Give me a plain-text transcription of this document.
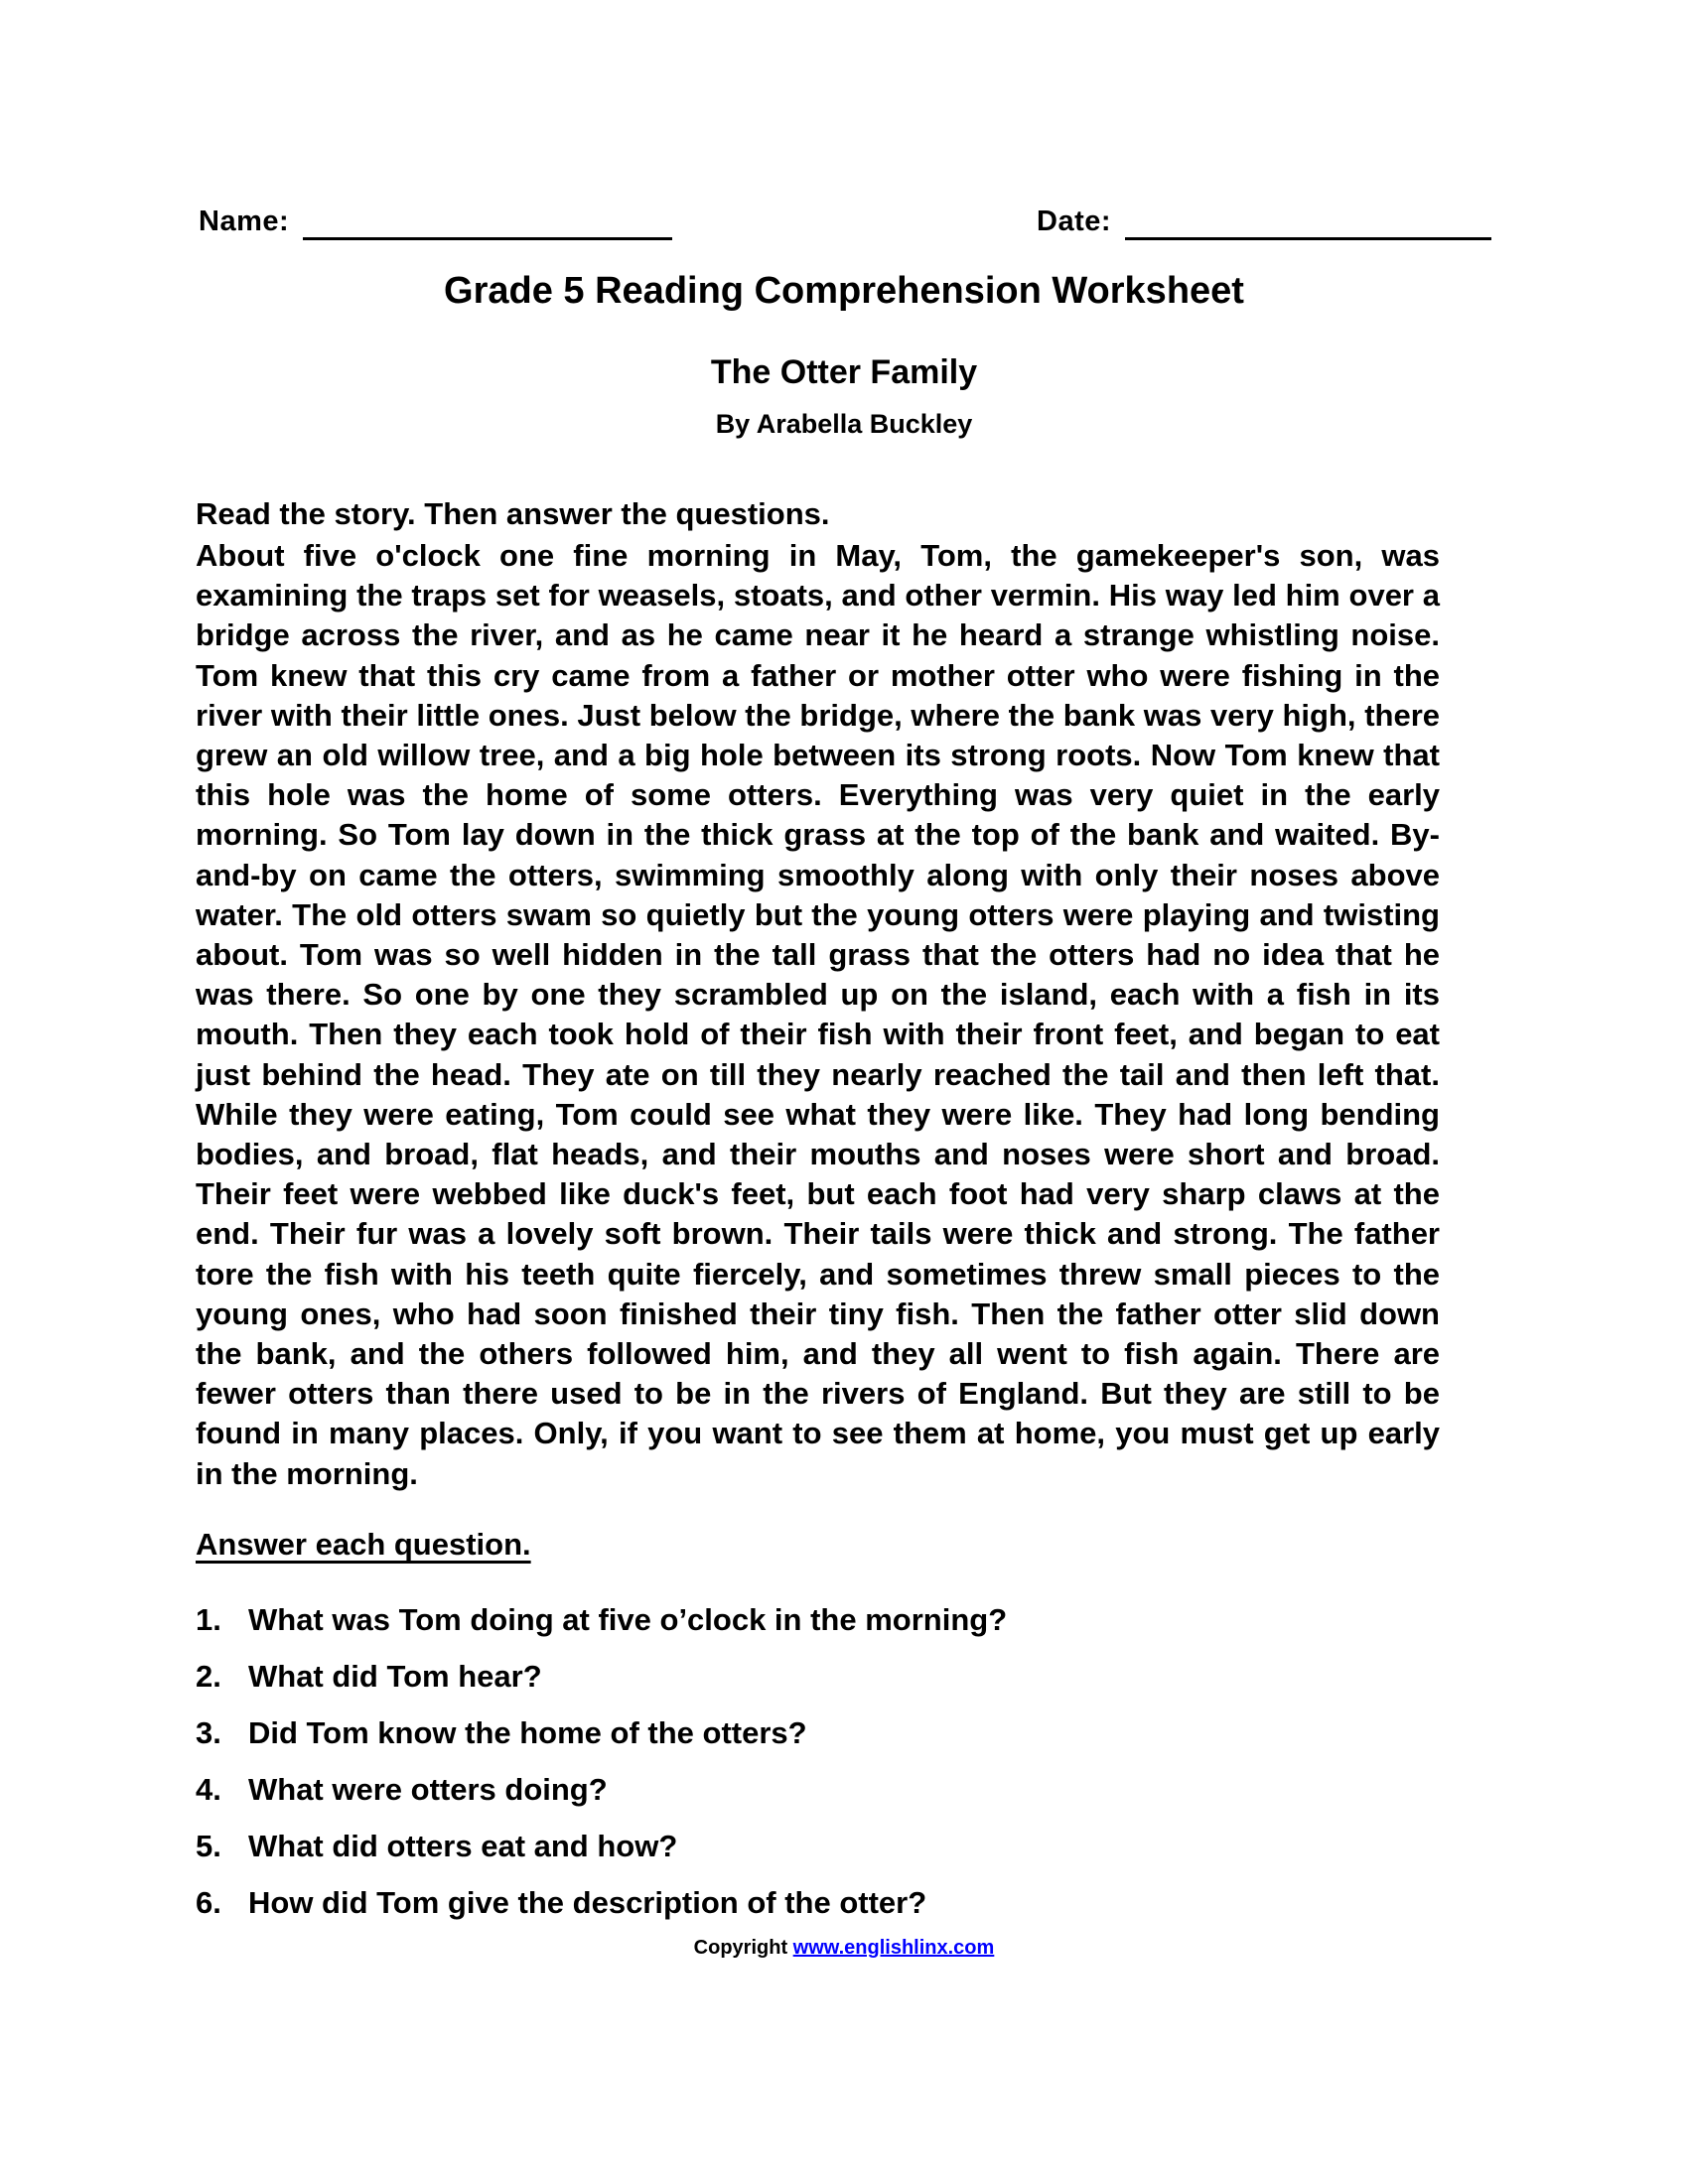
Name:	Date:
Grade 5 Reading Comprehension Worksheet
The Otter Family
By Arabella Buckley
Read the story. Then answer the questions.
About five o'clock one fine morning in May, Tom, the gamekeeper's son, was examining the traps set for weasels, stoats, and other vermin. His way led him over a bridge across the river, and as he came near it he heard a strange whistling noise. Tom knew that this cry came from a father or mother otter who were fishing in the river with their little ones. Just below the bridge, where the bank was very high, there grew an old willow tree, and a big hole between its strong roots. Now Tom knew that this hole was the home of some otters. Everything was very quiet in the early morning. So Tom lay down in the thick grass at the top of the bank and waited. By-and-by on came the otters, swimming smoothly along with only their noses above water. The old otters swam so quietly but the young otters were playing and twisting about. Tom was so well hidden in the tall grass that the otters had no idea that he was there. So one by one they scrambled up on the island, each with a fish in its mouth. Then they each took hold of their fish with their front feet, and began to eat just behind the head. They ate on till they nearly reached the tail and then left that. While they were eating, Tom could see what they were like. They had long bending bodies, and broad, flat heads, and their mouths and noses were short and broad. Their feet were webbed like duck's feet, but each foot had very sharp claws at the end. Their fur was a lovely soft brown. Their tails were thick and strong. The father tore the fish with his teeth quite fiercely, and sometimes threw small pieces to the young ones, who had soon finished their tiny fish. Then the father otter slid down the bank, and the others followed him, and they all went to fish again. There are fewer otters than there used to be in the rivers of England. But they are still to be found in many places. Only, if you want to see them at home, you must get up early in the morning.
Answer each question.
1. What was Tom doing at five o’clock in the morning?
2. What did Tom hear?
3. Did Tom know the home of the otters?
4. What were otters doing?
5. What did otters eat and how?
6. How did Tom give the description of the otter?
Copyright www.englishlinx.com
